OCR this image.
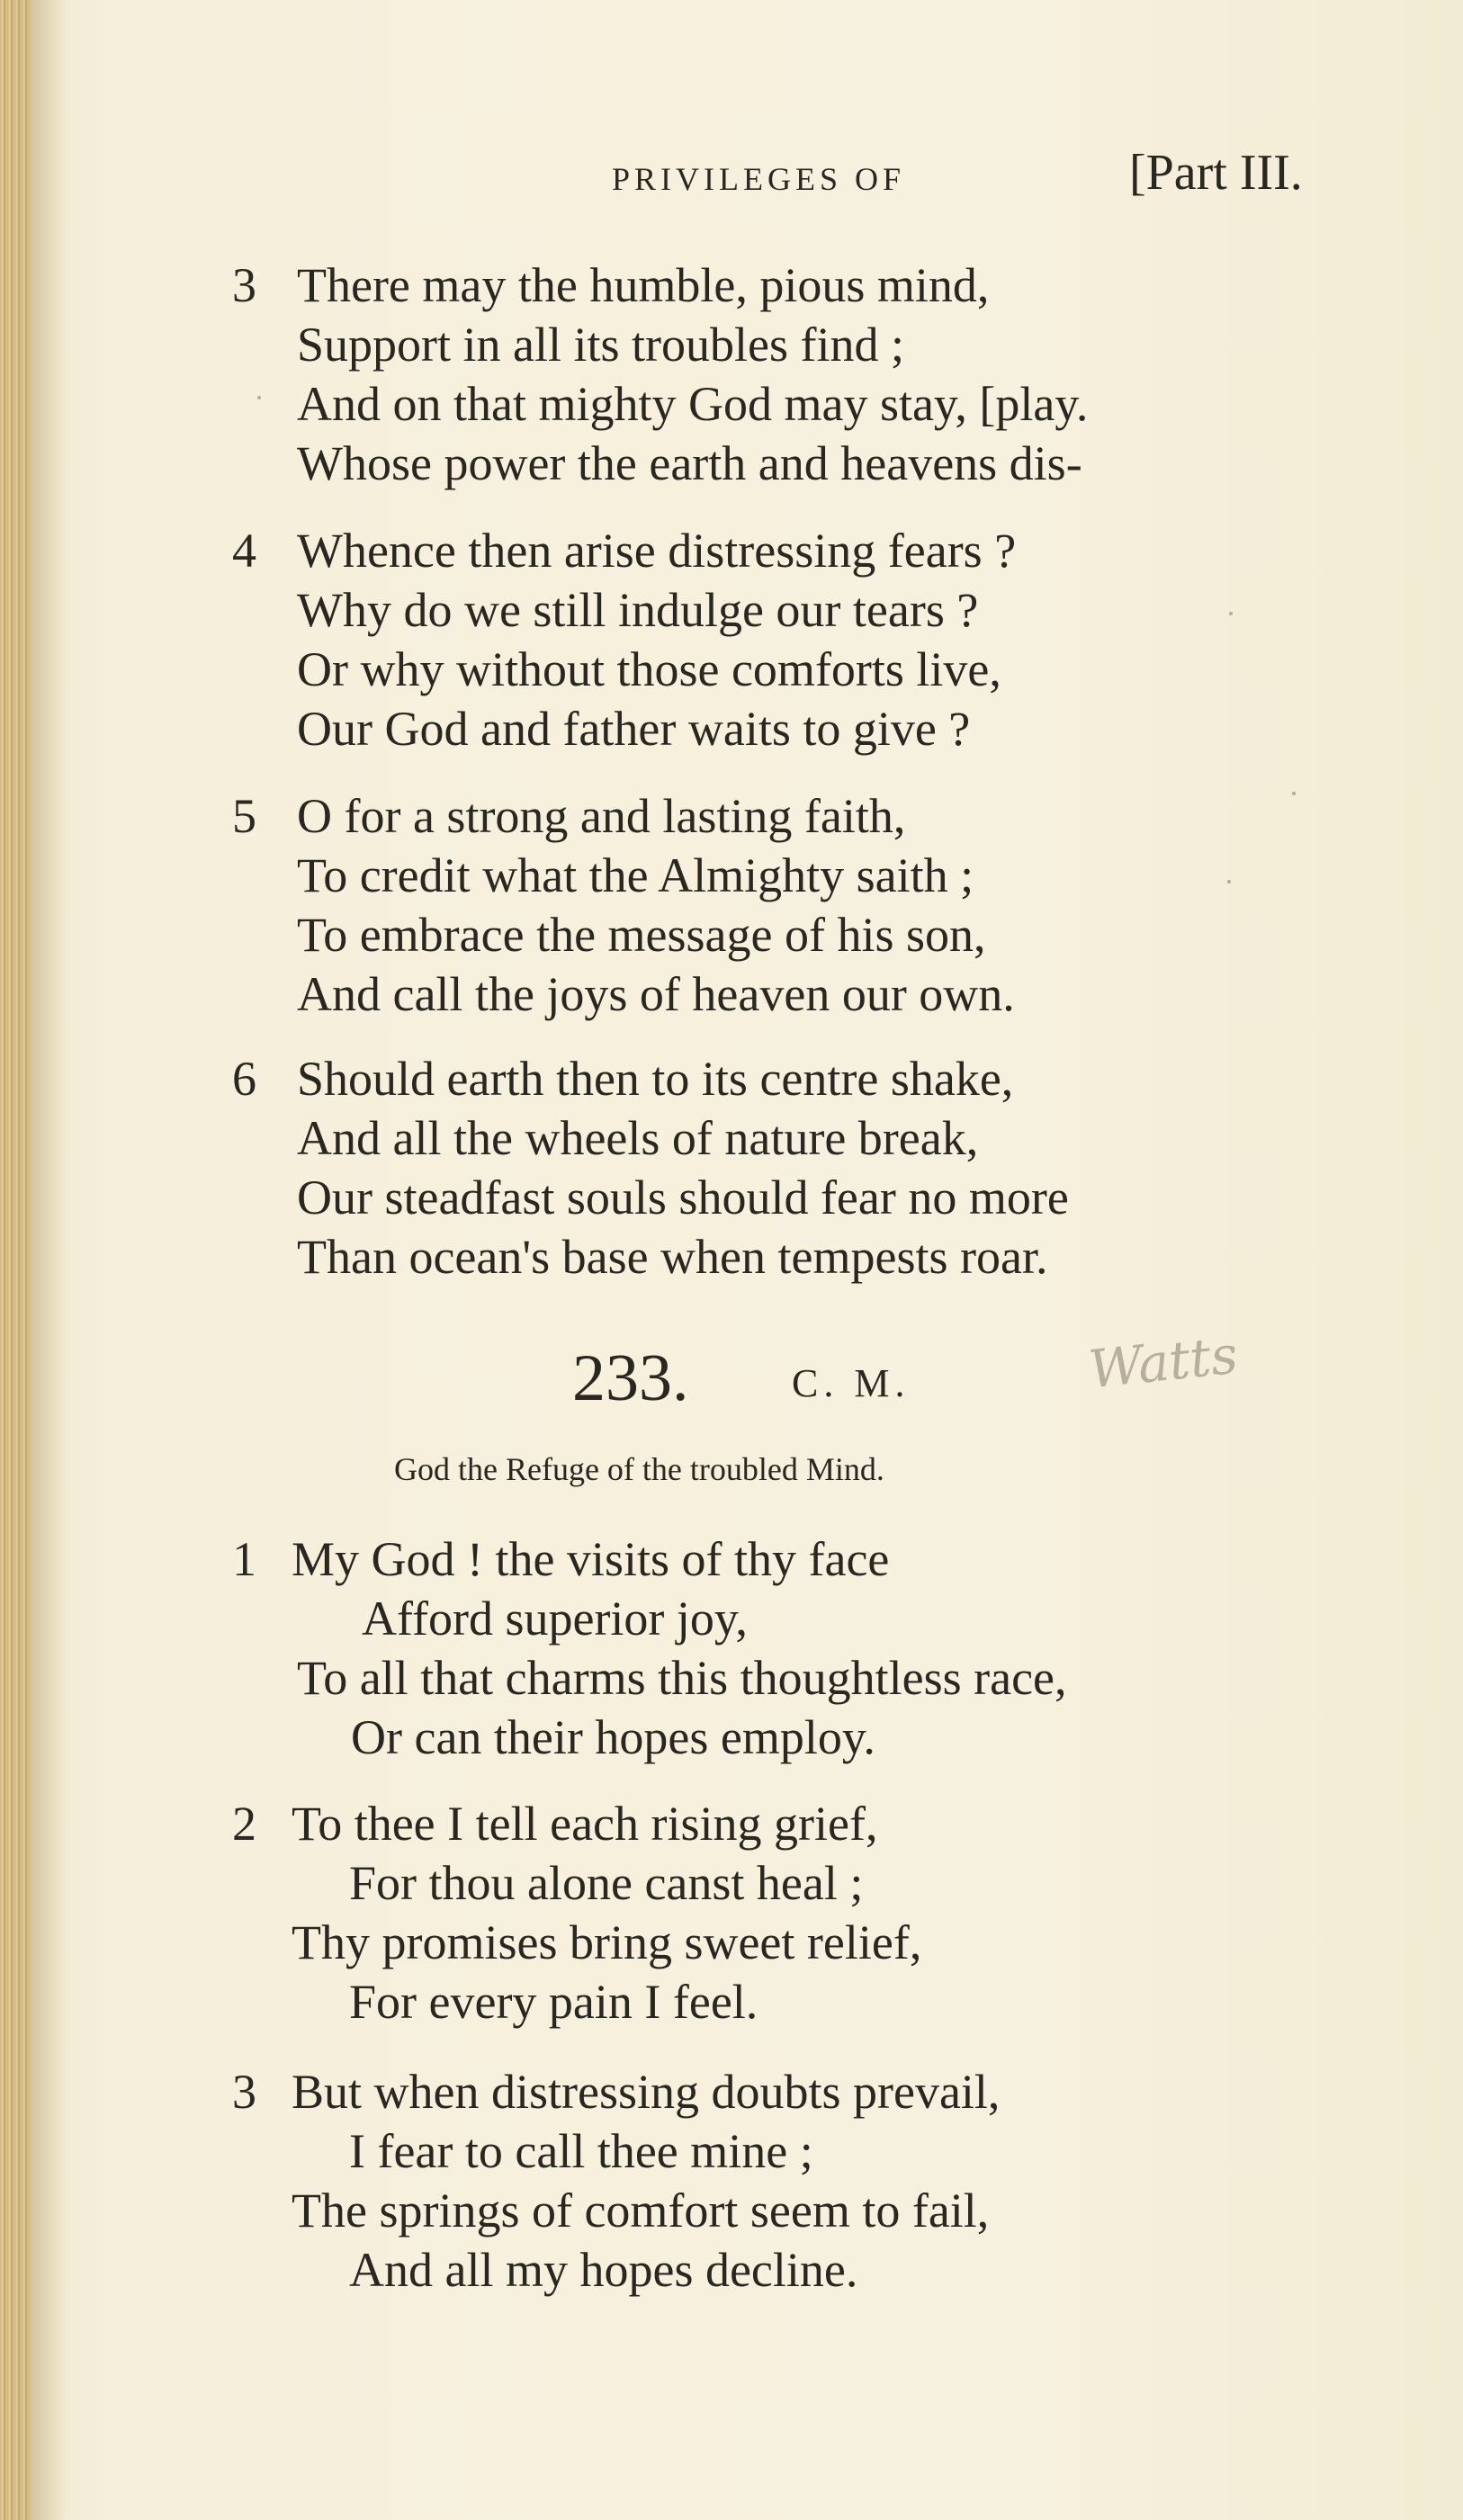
PRIVILEGES OF	[Part III.
3 There may the humble, pious mind,
Support in all its troubles find ;
And on that mighty God may stay, [play.
Whose power the earth and heavens dis-
4 Whence then arise distressing fears ?
Why do we still indulge our tears ?
Or why without those comforts live,
Our God and father waits to give ?
5 O for a strong and lasting faith,
To credit what the Almighty saith ;
To embrace the message of his son,
And call the joys of heaven our own.
6 Should earth then to its centre shake,
And all the wheels of nature break,
Our steadfast souls should fear no more
Than ocean's base when tempests roar.
233.	C. M.	Watts
God the Refuge of the troubled Mind.
1 My God ! the visits of thy face
Afford superior joy,
To all that charms this thoughtless race,
Or can their hopes employ.
2 To thee I tell each rising grief,
For thou alone canst heal ;
Thy promises bring sweet relief,
For every pain I feel.
3 But when distressing doubts prevail,
I fear to call thee mine ;
The springs of comfort seem to fail,
And all my hopes decline.
